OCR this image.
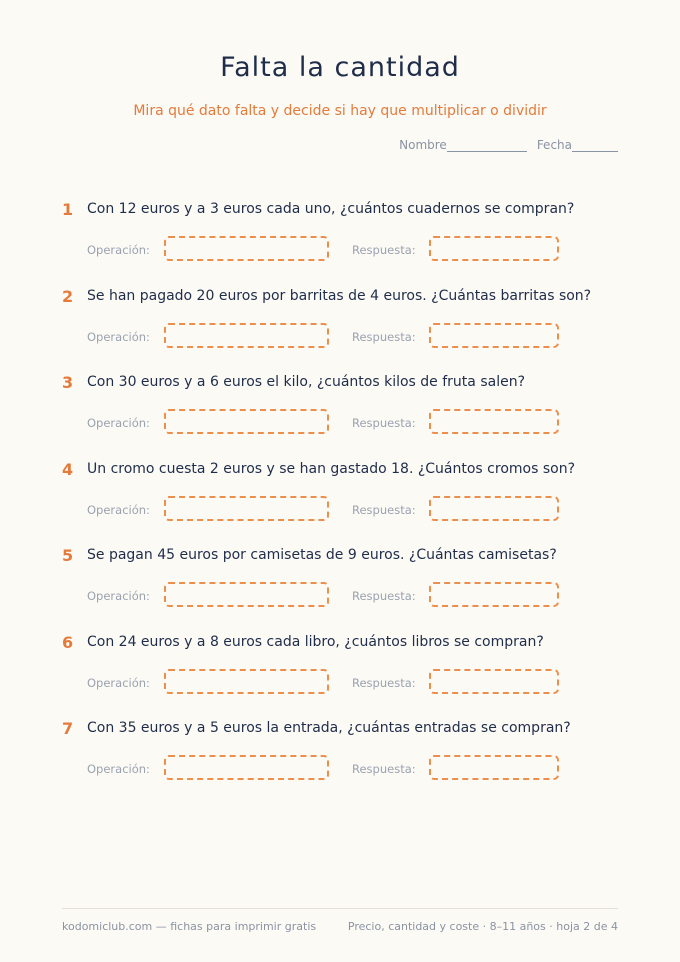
Falta la cantidad
Mira qué dato falta y decide si hay que multiplicar o dividir
Nombre	Fecha
1 Con 12 euros y a 3 euros cada uno, ¿cuántos cuadernos se compran?
Operación:	Respuesta:
2 Se han pagado 20 euros por barritas de 4 euros. ¿Cuántas barritas son?
Operación:	Respuesta:
3 Con 30 euros y a 6 euros el kilo, ¿cuántos kilos de fruta salen?
Operación:	Respuesta:
4 Un cromo cuesta 2 euros y se han gastado 18. ¿Cuántos cromos son?
Operación:	Respuesta:
5 Se pagan 45 euros por camisetas de 9 euros. ¿Cuántas camisetas?
Operación:	Respuesta:
6 Con 24 euros y a 8 euros cada libro, ¿cuántos libros se compran?
Operación:	Respuesta:
7 Con 35 euros y a 5 euros la entrada, ¿cuántas entradas se compran?
Operación:	Respuesta:
kodomiclub.com — fichas para imprimir gratis	Precio, cantidad y coste · 8–11 años · hoja 2 de 4
